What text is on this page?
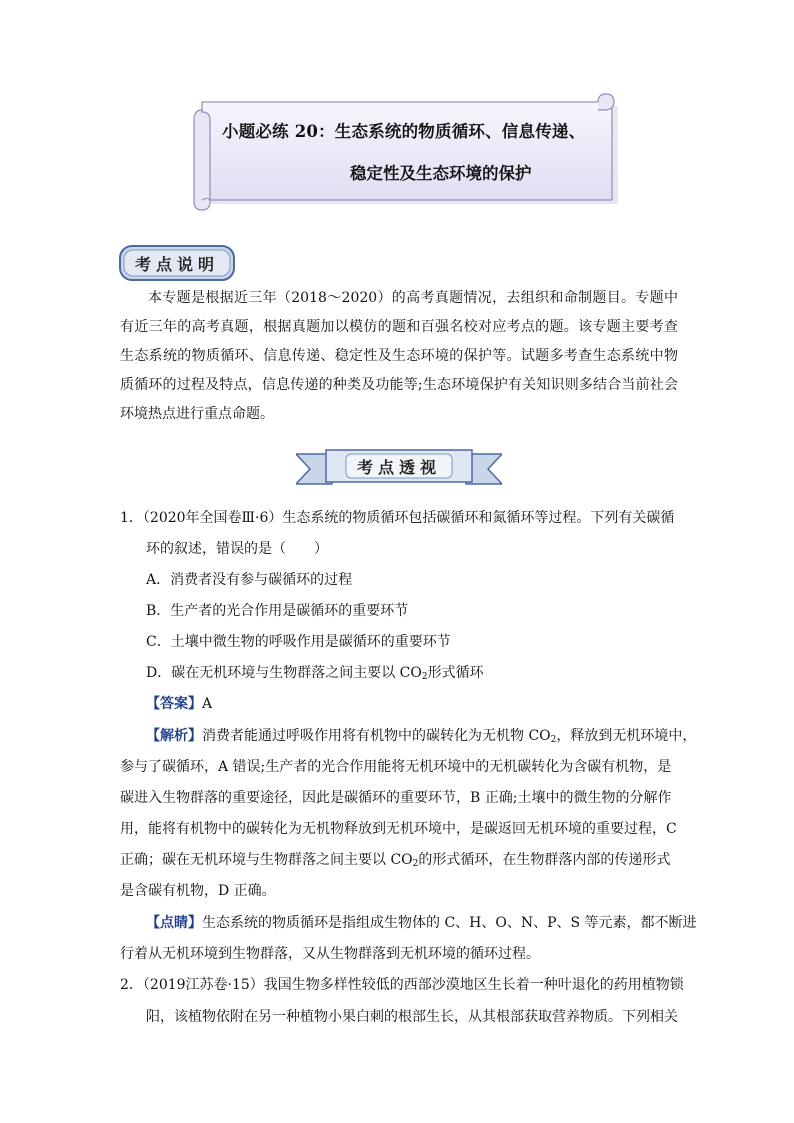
小题必练 20：生态系统的物质循环、信息传递、
稳定性及生态环境的保护
考点说明
本专题是根据近三年（2018～2020）的高考真题情况，去组织和命制题目。专题中有近三年的高考真题，根据真题加以模仿的题和百强名校对应考点的题。该专题主要考查生态系统的物质循环、信息传递、稳定性及生态环境的保护等。试题多考查生态系统中物质循环的过程及特点，信息传递的种类及功能等;生态环境保护有关知识则多结合当前社会环境热点进行重点命题。
考点透视
1．（2020年全国卷Ⅲ·6）生态系统的物质循环包括碳循环和氮循环等过程。下列有关碳循
环的叙述，错误的是（　　）
A．消费者没有参与碳循环的过程
B．生产者的光合作用是碳循环的重要环节
C．土壤中微生物的呼吸作用是碳循环的重要环节
D．碳在无机环境与生物群落之间主要以 $CO_2$形式循环
【答案】A
【解析】消费者能通过呼吸作用将有机物中的碳转化为无机物 $CO_2$，释放到无机环境中，
参与了碳循环，A 错误;生产者的光合作用能将无机环境中的无机碳转化为含碳有机物，是
碳进入生物群落的重要途径，因此是碳循环的重要环节，B 正确;土壤中的微生物的分解作
用，能将有机物中的碳转化为无机物释放到无机环境中，是碳返回无机环境的重要过程，C
正确；碳在无机环境与生物群落之间主要以 $CO_2$的形式循环，在生物群落内部的传递形式
是含碳有机物，D 正确。
【点睛】生态系统的物质循环是指组成生物体的 C、H、O、N、P、S 等元素，都不断进
行着从无机环境到生物群落，又从生物群落到无机环境的循环过程。
2．（2019江苏卷·15）我国生物多样性较低的西部沙漠地区生长着一种叶退化的药用植物锁
阳，该植物依附在另一种植物小果白刺的根部生长，从其根部获取营养物质。下列相关
